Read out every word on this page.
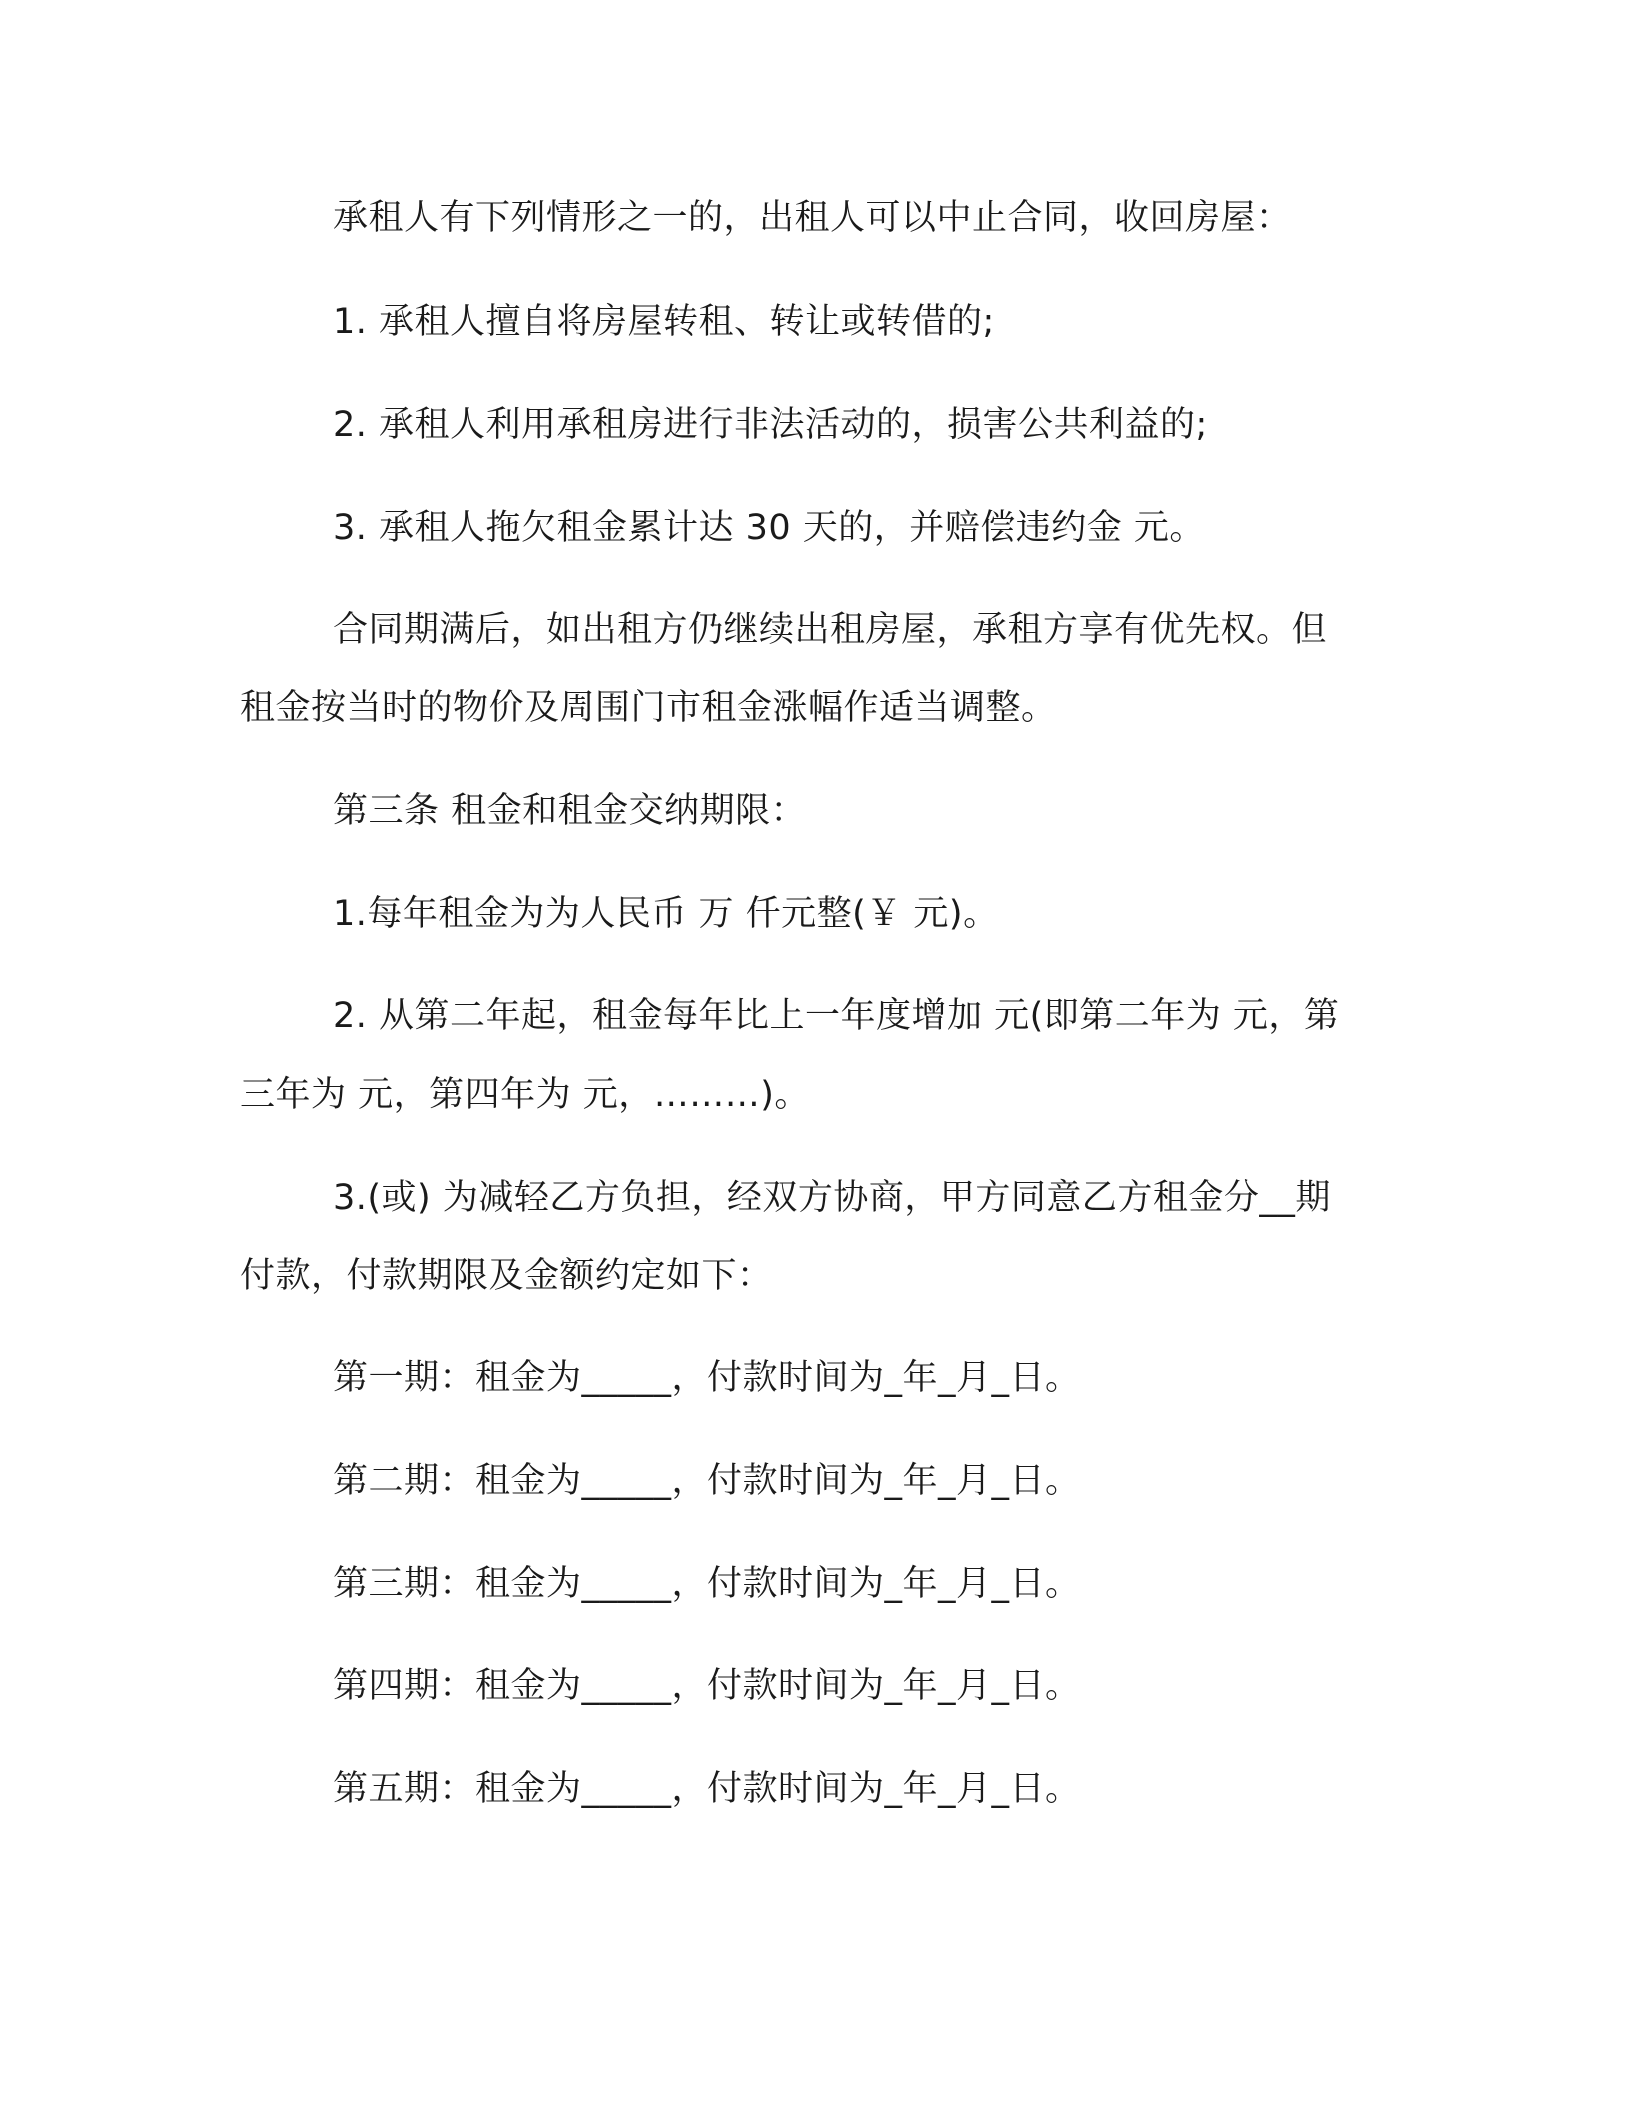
承租人有下列情形之一的，出租人可以中止合同，收回房屋：

1. 承租人擅自将房屋转租、转让或转借的;

2. 承租人利用承租房进行非法活动的，损害公共利益的;

3. 承租人拖欠租金累计达 30 天的，并赔偿违约金 元。

合同期满后，如出租方仍继续出租房屋，承租方享有优先权。但

租金按当时的物价及周围门市租金涨幅作适当调整。

第三条 租金和租金交纳期限：

1.每年租金为为人民币 万 仟元整(￥ 元)。

2. 从第二年起，租金每年比上一年度增加 元(即第二年为 元，第

三年为 元，第四年为 元，………)。

3.(或) 为减轻乙方负担，经双方协商，甲方同意乙方租金分__期

付款，付款期限及金额约定如下：

第一期：租金为_____，付款时间为_年_月_日。

第二期：租金为_____，付款时间为_年_月_日。

第三期：租金为_____，付款时间为_年_月_日。

第四期：租金为_____，付款时间为_年_月_日。

第五期：租金为_____，付款时间为_年_月_日。
